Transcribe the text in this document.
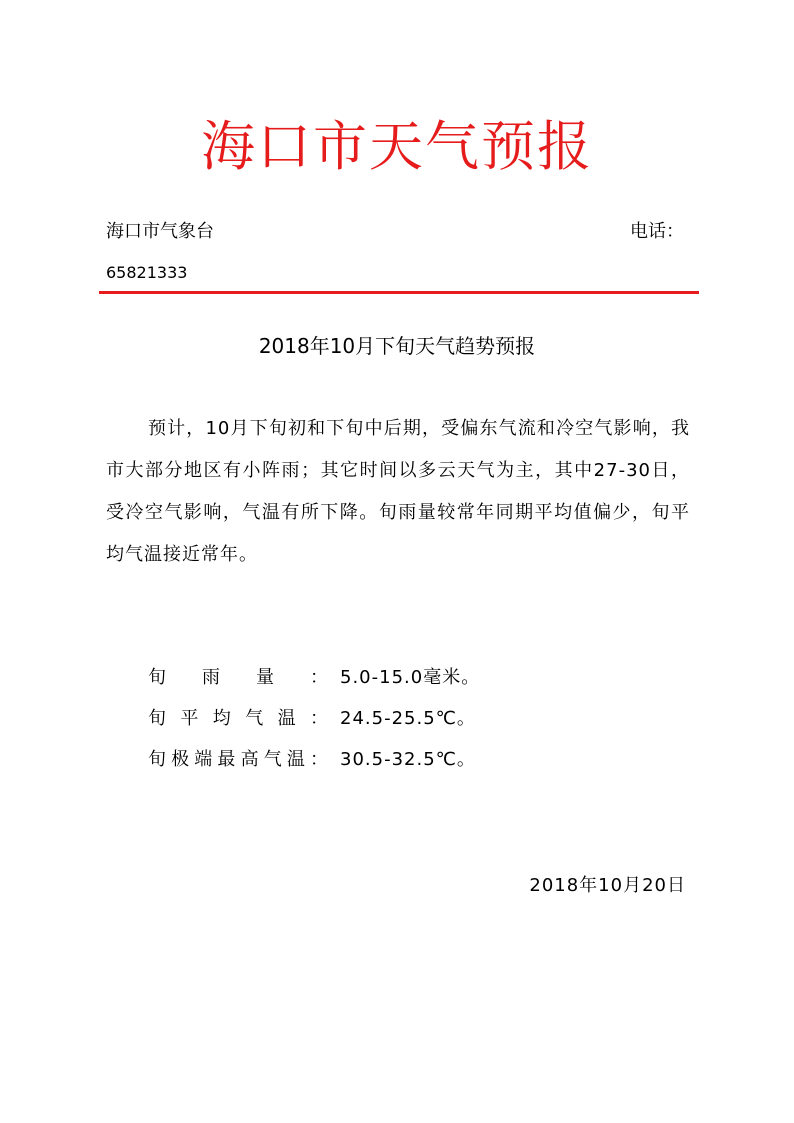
海口市天气预报
海口市气象台	电话：
65821333
2018年10月下旬天气趋势预报

预计，10月下旬初和下旬中后期，受偏东气流和冷空气影响，我市大部分地区有小阵雨；其它时间以多云天气为主，其中27-30日，受冷空气影响，气温有所下降。旬雨量较常年同期平均值偏少，旬平均气温接近常年。

旬雨量： 5.0-15.0毫米。
旬平均气温： 24.5-25.5℃。
旬极端最高气温： 30.5-32.5℃。
2018年10月20日
